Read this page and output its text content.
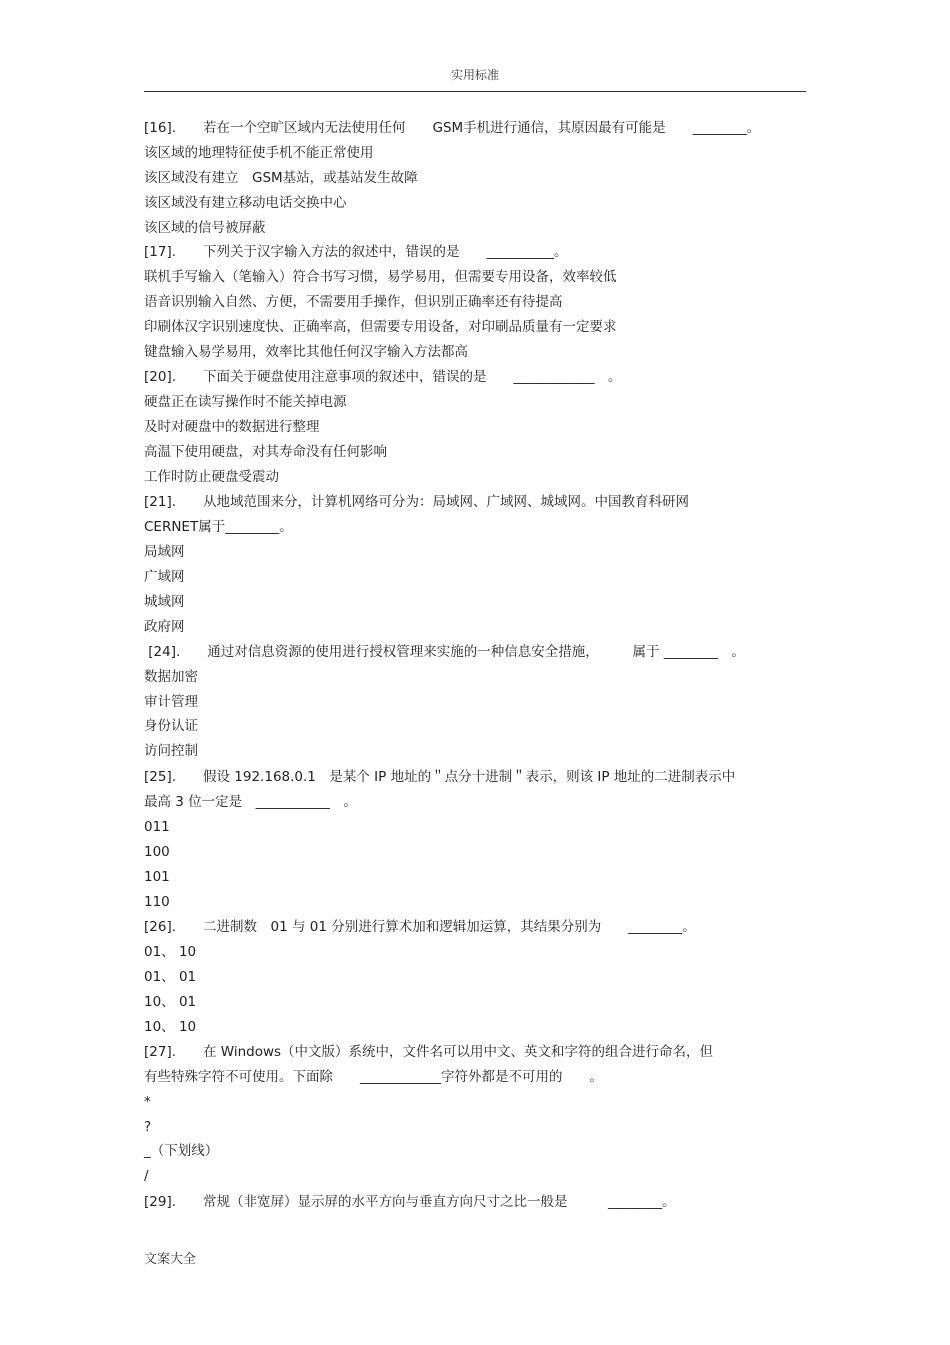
实用标准
[16].　　若在一个空旷区域内无法使用任何　　GSM手机进行通信，其原因最有可能是　　________。
该区域的地理特征使手机不能正常使用
该区域没有建立　GSM基站，或基站发生故障
该区域没有建立移动电话交换中心
该区域的信号被屏蔽
[17].　　下列关于汉字输入方法的叙述中，错误的是　　__________。
联机手写输入（笔输入）符合书写习惯，易学易用，但需要专用设备，效率较低
语音识别输入自然、方便，不需要用手操作，但识别正确率还有待提高
印刷体汉字识别速度快、正确率高，但需要专用设备，对印刷品质量有一定要求
键盘输入易学易用，效率比其他任何汉字输入方法都高
[20].　　下面关于硬盘使用注意事项的叙述中，错误的是　　____________　。
硬盘正在读写操作时不能关掉电源
及时对硬盘中的数据进行整理
高温下使用硬盘，对其寿命没有任何影响
工作时防止硬盘受震动
[21].　　从地域范围来分，计算机网络可分为：局域网、广域网、城域网。中国教育科研网
CERNET属于________。
局域网
广域网
城域网
政府网
[24].　　通过对信息资源的使用进行授权管理来实施的一种信息安全措施，　　　属于 ________　。
数据加密
审计管理
身份认证
访问控制
[25].　　假设 192.168.0.1　是某个 IP 地址的＂点分十进制＂表示，则该 IP 地址的二进制表示中
最高 3 位一定是　___________　。
011
100
101
110
[26].　　二进制数　01 与 01 分别进行算术加和逻辑加运算，其结果分别为　　________。
01、 10
01、 01
10、 01
10、 10
[27].　　在 Windows（中文版）系统中，文件名可以用中文、英文和字符的组合进行命名，但
有些特殊字符不可使用。下面除　　____________字符外都是不可用的　　。
*
?
_（下划线）
/
[29].　　常规（非宽屏）显示屏的水平方向与垂直方向尺寸之比一般是　　　________。
文案大全
